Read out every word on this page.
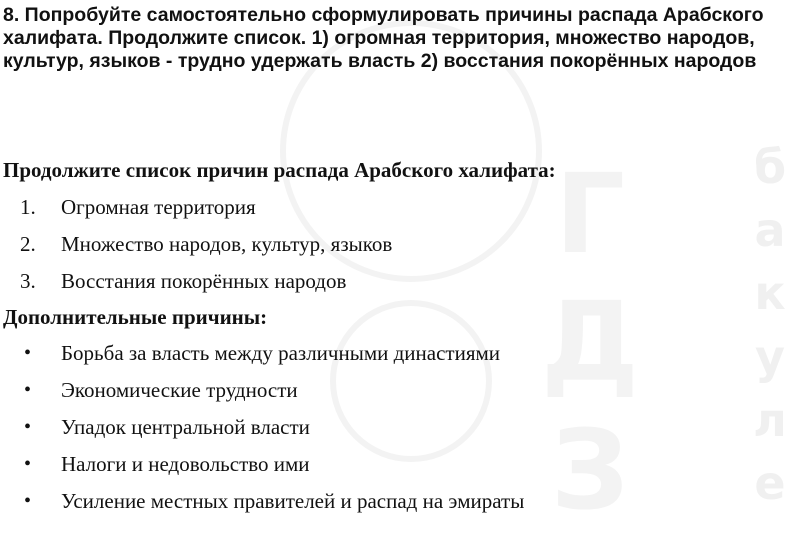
Г
Д
З
б
а
к
у
л
е

8. Попробуйте самостоятельно сформулировать причины распада Арабского халифата. Продолжите список. 1) огромная территория, множество народов, культур, языков - трудно удержать власть 2) восстания покорённых народов

Продолжите список причин распада Арабского халифата:

1.	Огромная территория
2.	Множество народов, культур, языков
3.	Восстания покорённых народов

Дополнительные причины:

• Борьба за власть между различными династиями
• Экономические трудности
• Упадок центральной власти
• Налоги и недовольство ими
• Усиление местных правителей и распад на эмираты
